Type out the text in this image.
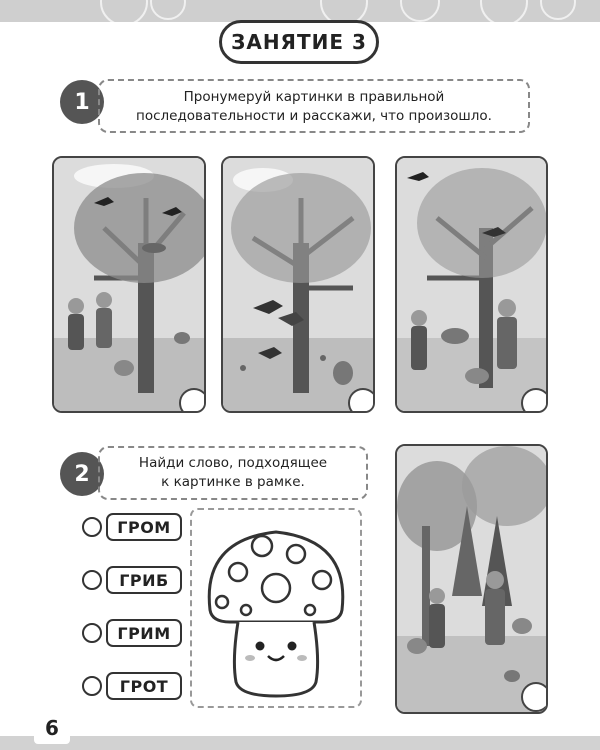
ЗАНЯТИЕ 3
1	Пронумеруй картинки в правильной
последовательности и расскажи, что произошло.
2	Найди слово, подходящее
к картинке в рамке.
ГРОМ
ГРИБ
ГРИМ
ГРОТ
6
